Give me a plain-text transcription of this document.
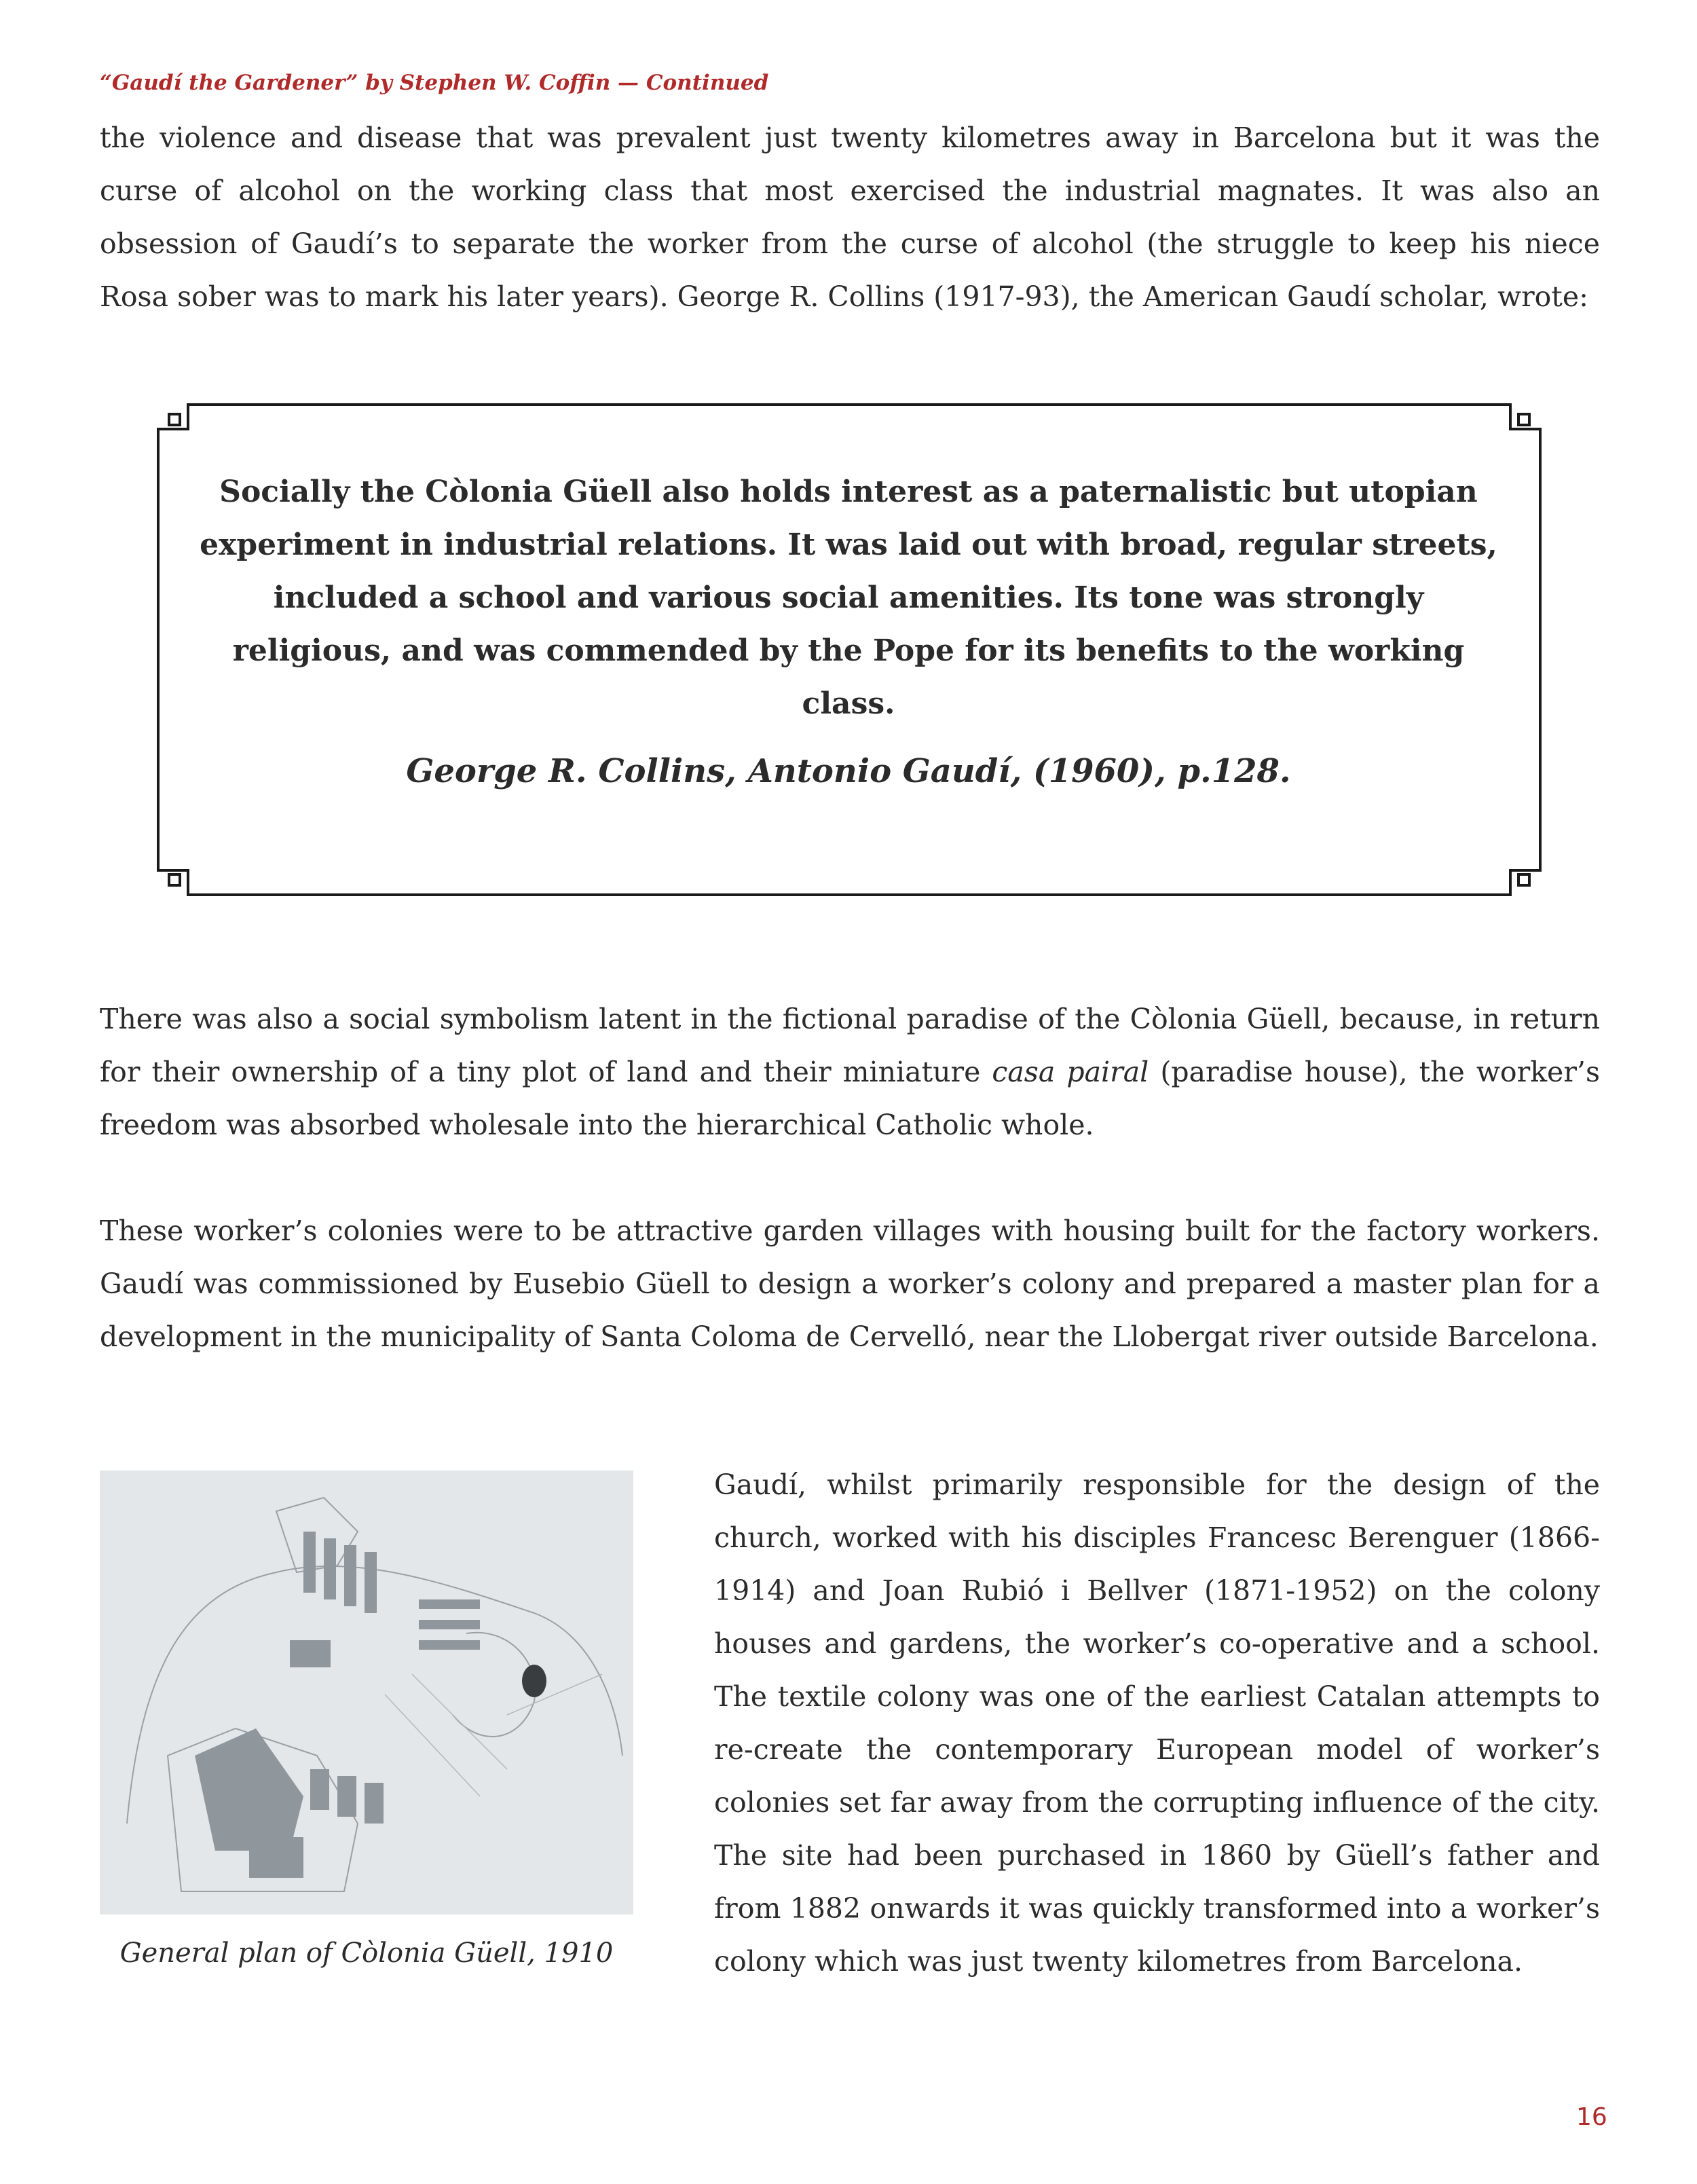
“Gaudí the Gardener” by Stephen W. Coffin — Continued

the violence and disease that was prevalent just twenty kilometres away in Barcelona but it was the curse of alcohol on the working class that most exercised the industrial magnates. It was also an obsession of Gaudí’s to separate the worker from the curse of alcohol (the struggle to keep his niece Rosa sober was to mark his later years). George R. Collins (1917-93), the American Gaudí scholar, wrote:

Socially the Còlonia Güell also holds interest as a paternalistic but utopian experiment in industrial relations. It was laid out with broad, regular streets, included a school and various social amenities. Its tone was strongly religious, and was commended by the Pope for its benefits to the working class.

George R. Collins, Antonio Gaudí, (1960), p.128.

There was also a social symbolism latent in the fictional paradise of the Còlonia Güell, because, in return for their ownership of a tiny plot of land and their miniature casa pairal (paradise house), the worker’s freedom was absorbed wholesale into the hierarchical Catholic whole.

These worker’s colonies were to be attractive garden villages with housing built for the factory workers. Gaudí was commissioned by Eusebio Güell to design a worker’s colony and prepared a master plan for a development in the municipality of Santa Coloma de Cervelló, near the Llobergat river outside Barcelona.

General plan of Còlonia Güell, 1910

Gaudí, whilst primarily responsible for the design of the church, worked with his disciples Francesc Berenguer (1866-1914) and Joan Rubió i Bellver (1871-1952) on the colony houses and gardens, the worker’s co-operative and a school. The textile colony was one of the earliest Catalan attempts to re-create the contemporary European model of worker’s colonies set far away from the corrupting influence of the city. The site had been purchased in 1860 by Güell’s father and from 1882 onwards it was quickly transformed into a worker’s colony which was just twenty kilometres from Barcelona.

16
